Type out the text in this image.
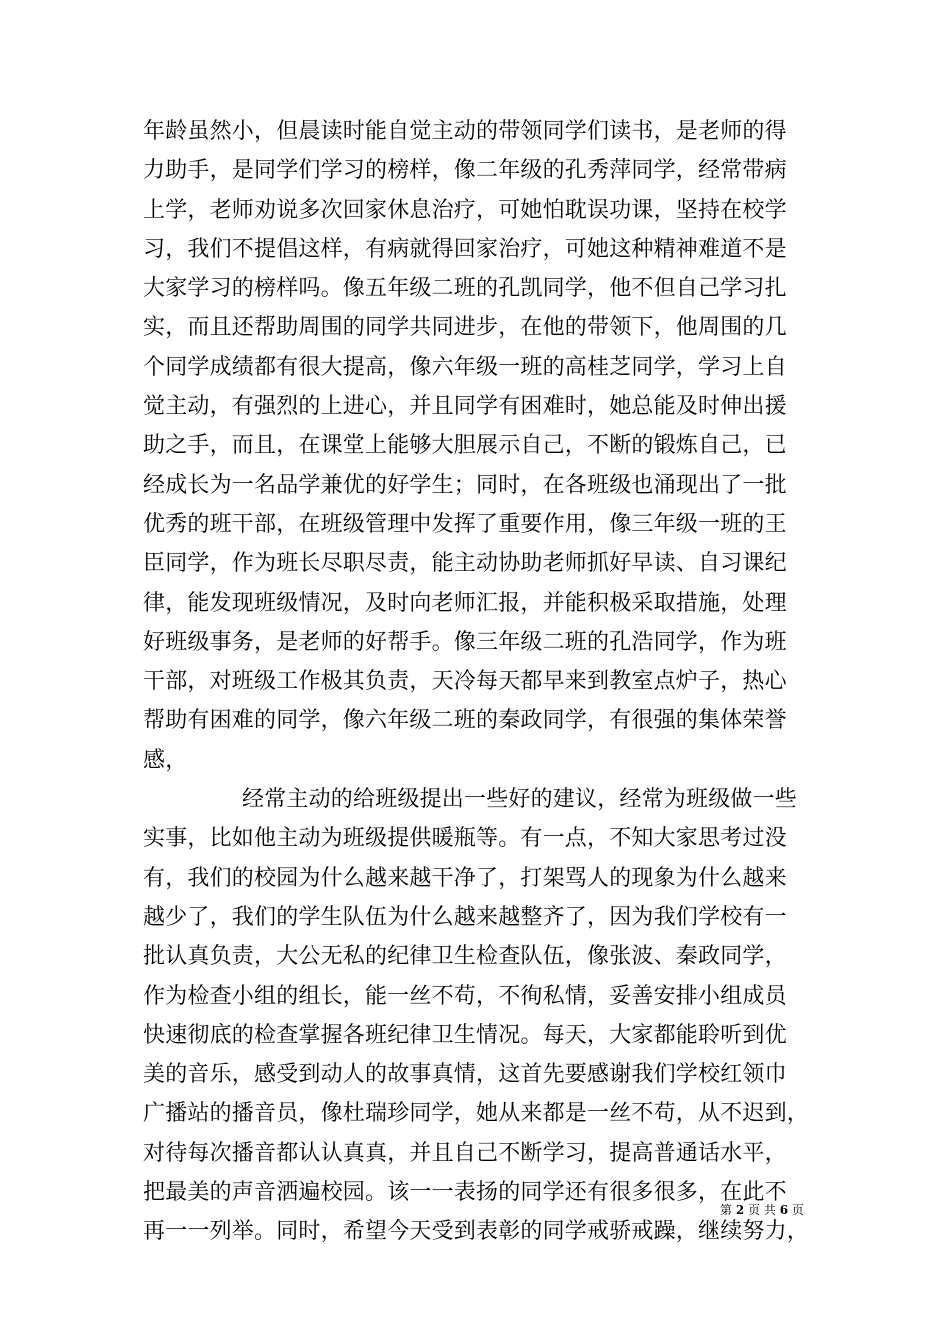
年龄虽然小，但晨读时能自觉主动的带领同学们读书，是老师的得
力助手，是同学们学习的榜样，像二年级的孔秀萍同学，经常带病
上学，老师劝说多次回家休息治疗，可她怕耽误功课，坚持在校学
习，我们不提倡这样，有病就得回家治疗，可她这种精神难道不是
大家学习的榜样吗。像五年级二班的孔凯同学，他不但自己学习扎
实，而且还帮助周围的同学共同进步，在他的带领下，他周围的几
个同学成绩都有很大提高，像六年级一班的高桂芝同学，学习上自
觉主动，有强烈的上进心，并且同学有困难时，她总能及时伸出援
助之手，而且，在课堂上能够大胆展示自己，不断的锻炼自己，已
经成长为一名品学兼优的好学生；同时，在各班级也涌现出了一批
优秀的班干部，在班级管理中发挥了重要作用，像三年级一班的王
臣同学，作为班长尽职尽责，能主动协助老师抓好早读、自习课纪
律，能发现班级情况，及时向老师汇报，并能积极采取措施，处理
好班级事务，是老师的好帮手。像三年级二班的孔浩同学，作为班
干部，对班级工作极其负责，天冷每天都早来到教室点炉子，热心
帮助有困难的同学，像六年级二班的秦政同学，有很强的集体荣誉
感，
经常主动的给班级提出一些好的建议，经常为班级做一些
实事，比如他主动为班级提供暖瓶等。有一点，不知大家思考过没
有，我们的校园为什么越来越干净了，打架骂人的现象为什么越来
越少了，我们的学生队伍为什么越来越整齐了，因为我们学校有一
批认真负责，大公无私的纪律卫生检查队伍，像张波、秦政同学，
作为检查小组的组长，能一丝不苟，不徇私情，妥善安排小组成员
快速彻底的检查掌握各班纪律卫生情况。每天，大家都能聆听到优
美的音乐，感受到动人的故事真情，这首先要感谢我们学校红领巾
广播站的播音员，像杜瑞珍同学，她从来都是一丝不苟，从不迟到，
对待每次播音都认认真真，并且自己不断学习，提高普通话水平，
把最美的声音洒遍校园。该一一表扬的同学还有很多很多，在此不
再一一列举。同时，希望今天受到表彰的同学戒骄戒躁，继续努力，
第 2 页 共 6 页
